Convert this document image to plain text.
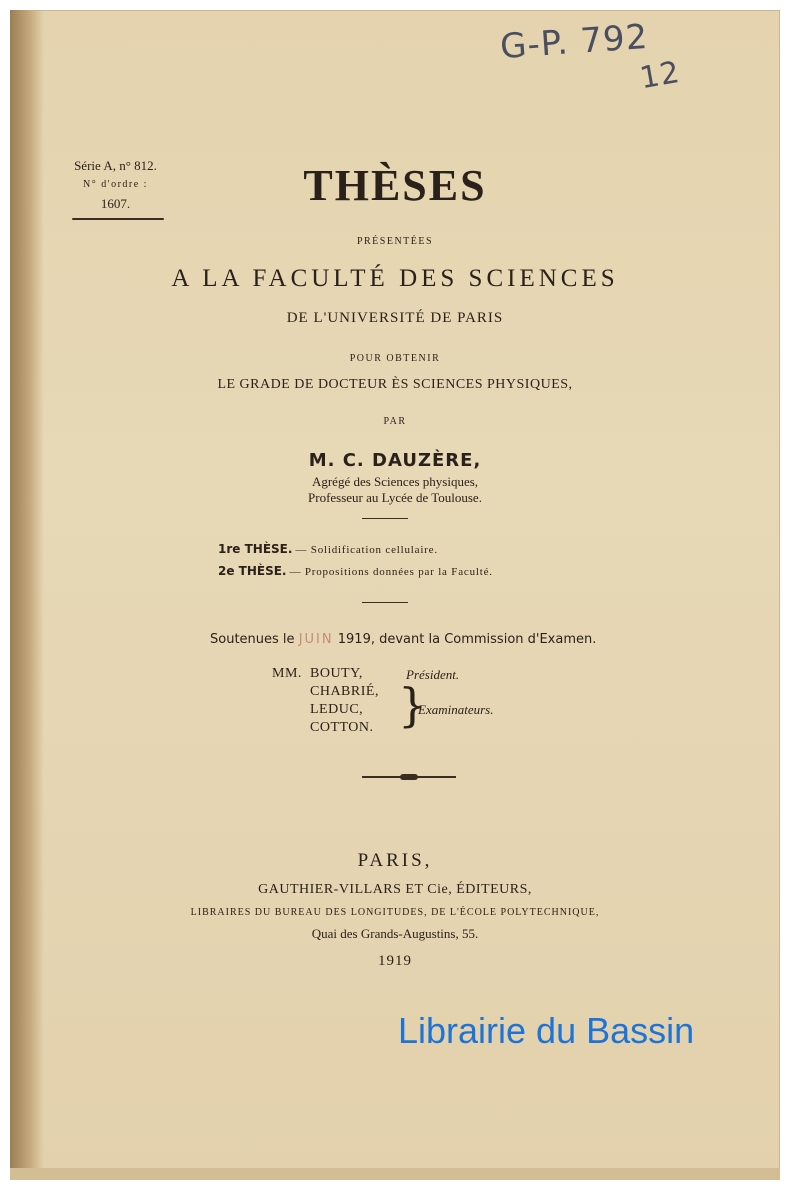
G-P. 792
12
Série A, n° 812.
N° d'ordre :
1607.	THÈSES
PRÉSENTÉES
A LA FACULTÉ DES SCIENCES
DE L'UNIVERSITÉ DE PARIS
POUR OBTENIR
LE GRADE DE DOCTEUR ÈS SCIENCES PHYSIQUES,
PAR
M. C. DAUZÈRE,
Agrégé des Sciences physiques,
Professeur au Lycée de Toulouse.
1re THÈSE. — Solidification cellulaire.
2e THÈSE. — Propositions données par la Faculté.
Soutenues le JUIN 1919, devant la Commission d'Examen.
MM. BOUTY,
CHABRIÉ,
LEDUC,
COTTON. }
Président.
Examinateurs.
PARIS,
GAUTHIER-VILLARS ET Cie, ÉDITEURS,
LIBRAIRES DU BUREAU DES LONGITUDES, DE L'ÉCOLE POLYTECHNIQUE,
Quai des Grands-Augustins, 55.
1919
Librairie du Bassin
